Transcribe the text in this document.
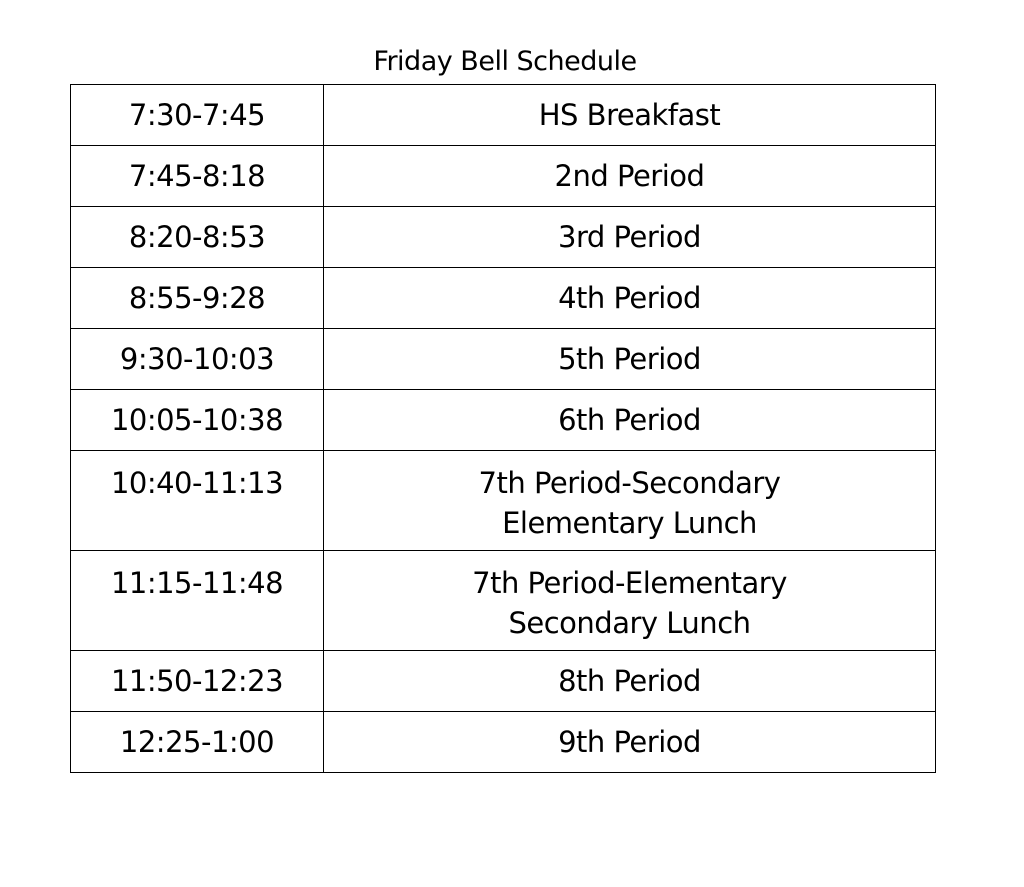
Friday Bell Schedule
7:30-7:45	HS Breakfast
7:45-8:18	2nd Period
8:20-8:53	3rd Period
8:55-9:28	4th Period
9:30-10:03	5th Period
10:05-10:38	6th Period
10:40-11:13	7th Period-Secondary
Elementary Lunch

11:15-11:48	7th Period-Elementary
Secondary Lunch

11:50-12:23	8th Period
12:25-1:00	9th Period
